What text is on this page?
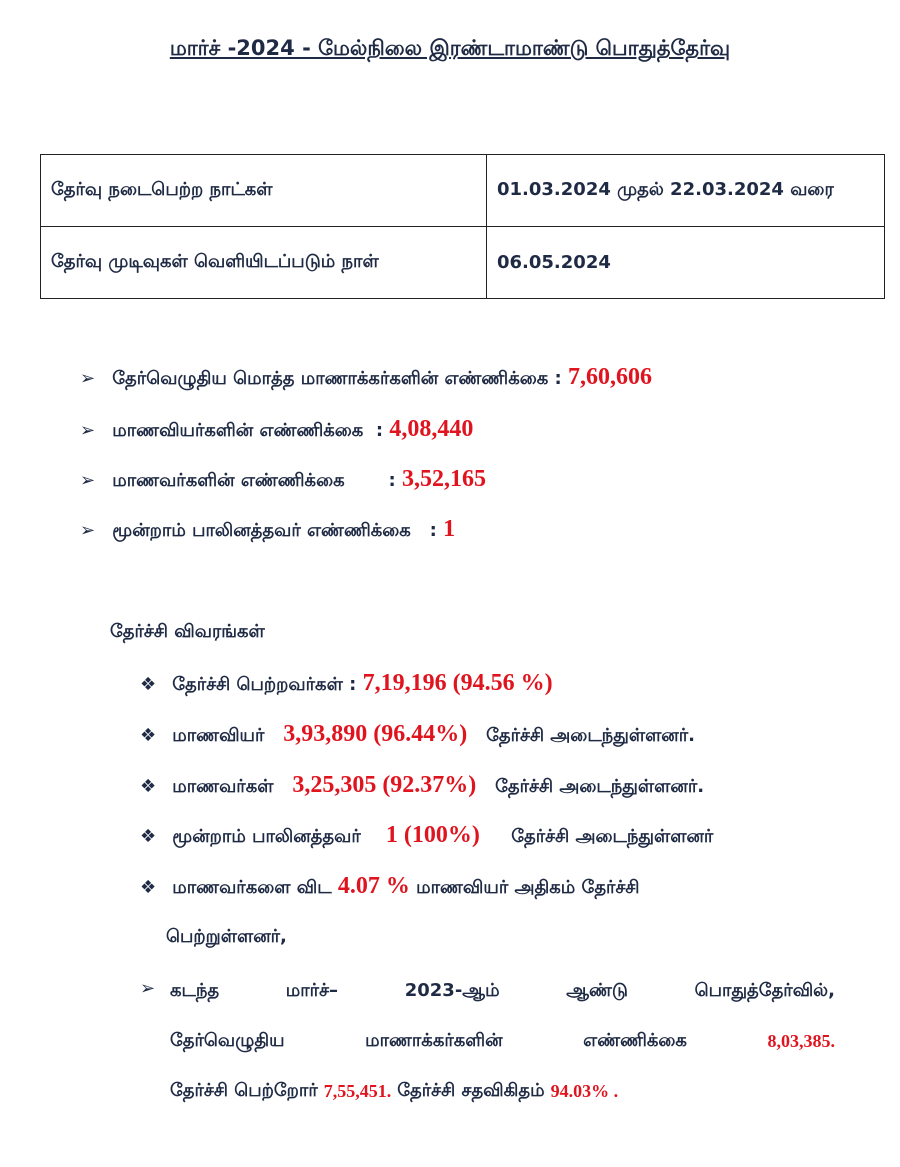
மார்ச் -2024 - மேல்நிலை இரண்டாமாண்டு பொதுத்தேர்வு
தேர்வு நடைபெற்ற நாட்கள்	01.03.2024 முதல் 22.03.2024 வரை
தேர்வு முடிவுகள் வெளியிடப்படும் நாள்	06.05.2024
➢ தேர்வெழுதிய மொத்த மாணாக்கர்களின் எண்ணிக்கை : 7,60,606
➢ மாணவியர்களின் எண்ணிக்கை  : 4,08,440
➢ மாணவர்களின் எண்ணிக்கை       : 3,52,165
➢ மூன்றாம் பாலினத்தவர் எண்ணிக்கை   : 1
தேர்ச்சி விவரங்கள்
❖ தேர்ச்சி பெற்றவர்கள் : 7,19,196 (94.56 %)
❖ மாணவியர் 3,93,890 (96.44%) தேர்ச்சி அடைந்துள்ளனர்.
❖ மாணவர்கள் 3,25,305 (92.37%) தேர்ச்சி அடைந்துள்ளனர்.
❖ மூன்றாம் பாலினத்தவர் 1 (100%) தேர்ச்சி அடைந்துள்ளனர்
❖ மாணவர்களை விட 4.07 % மாணவியர் அதிகம் தேர்ச்சி
பெற்றுள்ளனர்,
➢ கடந்த	மார்ச்–	2023-ஆம்	ஆண்டு	பொதுத்தேர்வில்,
தேர்வெழுதிய	மாணாக்கர்களின்	எண்ணிக்கை	8,03,385.
தேர்ச்சி பெற்றோர் 7,55,451. தேர்ச்சி சதவிகிதம் 94.03% .
